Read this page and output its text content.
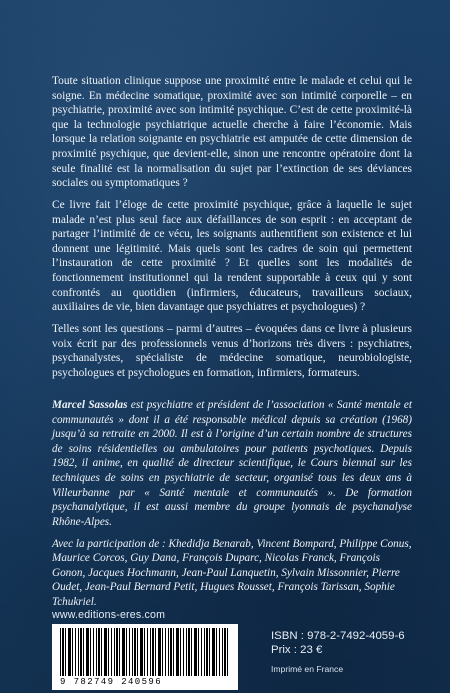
Toute situation clinique suppose une proximité entre le malade et celui qui le soigne. En médecine somatique, proximité avec son intimité corporelle – en psychiatrie, proximité avec son intimité psychique. C’est de cette proximité-là que la technologie psychiatrique actuelle cherche à faire l’économie. Mais lorsque la relation soignante en psychiatrie est amputée de cette dimension de proximité psychique, que devient-elle, sinon une rencontre opératoire dont la seule finalité est la normalisation du sujet par l’extinction de ses déviances sociales ou symptomatiques ?

Ce livre fait l’éloge de cette proximité psychique, grâce à laquelle le sujet malade n’est plus seul face aux défaillances de son esprit : en acceptant de partager l’intimité de ce vécu, les soignants authentifient son existence et lui donnent une légitimité. Mais quels sont les cadres de soin qui permettent l’instauration de cette proximité ? Et quelles sont les modalités de fonctionnement institutionnel qui la rendent supportable à ceux qui y sont confrontés au quotidien (infirmiers, éducateurs, travailleurs sociaux, auxiliaires de vie, bien davantage que psychiatres et psychologues) ?

Telles sont les questions – parmi d’autres – évoquées dans ce livre à plusieurs voix écrit par des professionnels venus d’horizons très divers : psychiatres, psychanalystes, spécialiste de médecine somatique, neurobiologiste, psychologues et psychologues en formation, infirmiers, formateurs.

Marcel Sassolas est psychiatre et président de l’association « Santé mentale et communautés » dont il a été responsable médical depuis sa création (1968) jusqu’à sa retraite en 2000. Il est à l’origine d’un certain nombre de structures de soins résidentielles ou ambulatoires pour patients psychotiques. Depuis 1982, il anime, en qualité de directeur scientifique, le Cours biennal sur les techniques de soins en psychiatrie de secteur, organisé tous les deux ans à Villeurbanne par « Santé mentale et communautés ». De formation psychanalytique, il est aussi membre du groupe lyonnais de psychanalyse Rhône-Alpes.

Avec la participation de : Khedidja Benarab, Vincent Bompard, Philippe Conus, Maurice Corcos, Guy Dana, François Duparc, Nicolas Franck, François Gonon, Jacques Hochmann, Jean-Paul Lanquetin, Sylvain Missonnier, Pierre Oudet, Jean-Paul Bernard Petit, Hugues Rousset, François Tarissan, Sophie Tchukriel.

www.editions-eres.com
9 782749 240596
ISBN : 978-2-7492-4059-6
Prix : 23 €
Imprimé en France
